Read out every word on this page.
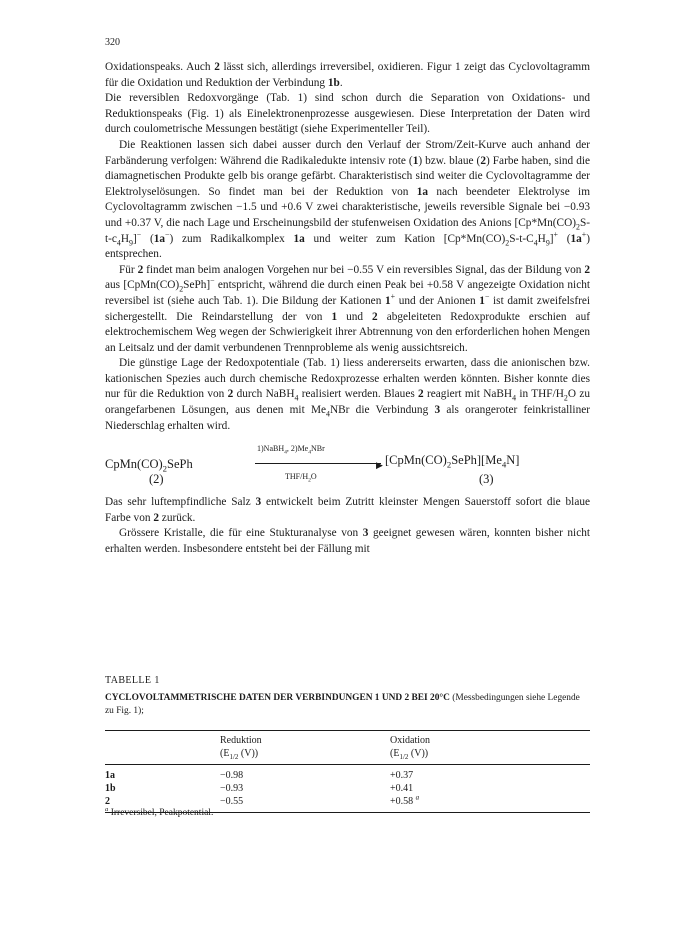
320

Oxidationspeaks. Auch 2 lässt sich, allerdings irreversibel, oxidieren. Figur 1 zeigt das Cyclovoltagramm für die Oxidation und Reduktion der Verbindung 1b.

Die reversiblen Redoxvorgänge (Tab. 1) sind schon durch die Separation von Oxidations- und Reduktionspeaks (Fig. 1) als Einelektronenprozesse ausgewiesen. Diese Interpretation der Daten wird durch coulometrische Messungen bestätigt (siehe Experimenteller Teil).

Die Reaktionen lassen sich dabei ausser durch den Verlauf der Strom/Zeit-Kurve auch anhand der Farbänderung verfolgen: Während die Radikaledukte intensiv rote (1) bzw. blaue (2) Farbe haben, sind die diamagnetischen Produkte gelb bis orange gefärbt. Charakteristisch sind weiter die Cyclovoltagramme der Elektrolyselösungen. So findet man bei der Reduktion von 1a nach beendeter Elektrolyse im Cyclovoltagramm zwischen −1.5 und +0.6 V zwei charakteristische, jeweils reversible Signale bei −0.93 und +0.37 V, die nach Lage und Erscheinungsbild der stufenweisen Oxidation des Anions $[Cp*Mn(CO)_2S-t-c_4H_9]^-$ (1a−) zum Radikalkomplex 1a und weiter zum Kation $[Cp*Mn(CO)_2S-t-C_4H_9]^+$ (1a+) entsprechen.

Für 2 findet man beim analogen Vorgehen nur bei −0.55 V ein reversibles Signal, das der Bildung von 2 aus $[CpMn(CO)_2SePh]^-$ entspricht, während die durch einen Peak bei +0.58 V angezeigte Oxidation nicht reversibel ist (siehe auch Tab. 1). Die Bildung der Kationen 1+ und der Anionen 1− ist damit zweifelsfrei sichergestellt. Die Reindarstellung der von 1 und 2 abgeleiteten Redoxprodukte erschien auf elektrochemischem Weg wegen der Schwierigkeit ihrer Abtrennung von den erforderlichen hohen Mengen an Leitsalz und der damit verbundenen Trennprobleme als wenig aussichtsreich.

Die günstige Lage der Redoxpotentiale (Tab. 1) liess andererseits erwarten, dass die anionischen bzw. kationischen Spezies auch durch chemische Redoxprozesse erhalten werden könnten. Bisher konnte dies nur für die Reduktion von 2 durch NaBH$_4$ realisiert werden. Blaues 2 reagiert mit NaBH$_4$ in THF/$H_2O$ zu orangefarbenen Lösungen, aus denen mit $Me_4NBr$ die Verbindung 3 als orangeroter feinkristalliner Niederschlag erhalten wird.

$CpMn(CO)_2SePh$
(2)
1)NaBH$_4$, $2)Me_4NBr$
▶
THF/$H_2O$
$[CpMn(CO)_2SePh][Me_4N]$
(3)

Das sehr luftempfindliche Salz 3 entwickelt beim Zutritt kleinster Mengen Sauerstoff sofort die blaue Farbe von 2 zurück.

Grössere Kristalle, die für eine Stukturanalyse von 3 geeignet gewesen wären, konnten bisher nicht erhalten werden. Insbesondere entsteht bei der Fällung mit

TABELLE 1
CYCLOVOLTAMMETRISCHE DATEN DER VERBINDUNGEN 1 UND 2 BEI 20°C (Messbedingungen siehe Legende zu Fig. 1);
	Reduktion	Oxidation
	($E_{1/2}$ (V))	($E_{1/2}$ (V))
1a	−0.98	+0.37
1b	−0.93	+0.41
2	−0.55	+0.58 $^a$
$^a$ Irreversibel, Peakpotential.
